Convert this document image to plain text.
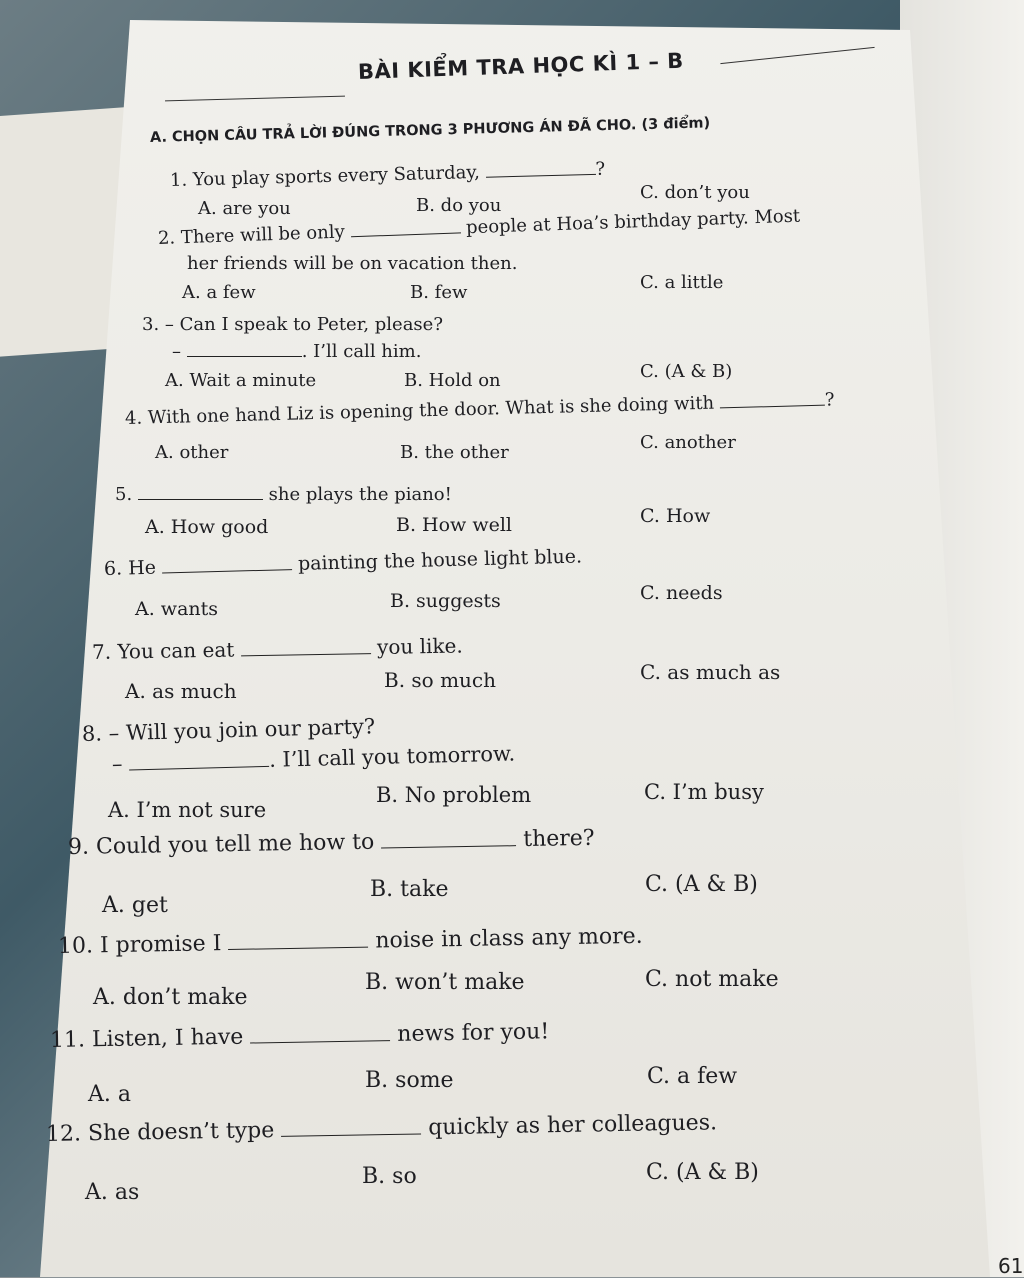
BÀI KIỂM TRA HỌC KÌ 1 – B
A. CHỌN CÂU TRẢ LỜI ĐÚNG TRONG 3 PHƯƠNG ÁN ĐÃ CHO. (3 điểm)
1. You play sports every Saturday,	?
A. are you	B. do you
C. don’t you
2. There will be only	people at Hoa’s birthday party. Most
her friends will be on vacation then.
A. a few	B. few	C. a little
3. – Can I speak to Peter, please?
–	. I’ll call him.
A. Wait a minute	B. Hold on	C. (A & B)
4. With one hand Liz is opening the door. What is she doing with	?
A. other	B. the other	C. another
5.	she plays the piano!
A. How good	B. How well	C. How
6. He	painting the house light blue.
A. wants	B. suggests	C. needs
7. You can eat	you like.
A. as much	B. so much	C. as much as
8. – Will you join our party?
–	. I’ll call you tomorrow.
A. I’m not sure
B. No problem	C. I’m busy
9. Could you tell me how to	there?
A. get
B. take	C. (A & B)
10. I promise I	noise in class any more.
A. don’t make
B. won’t make	C. not make
11. Listen, I have	news for you!
A. a
B. some	C. a few
12. She doesn’t type	quickly as her colleagues.
A. as
B. so	C. (A & B)
61
